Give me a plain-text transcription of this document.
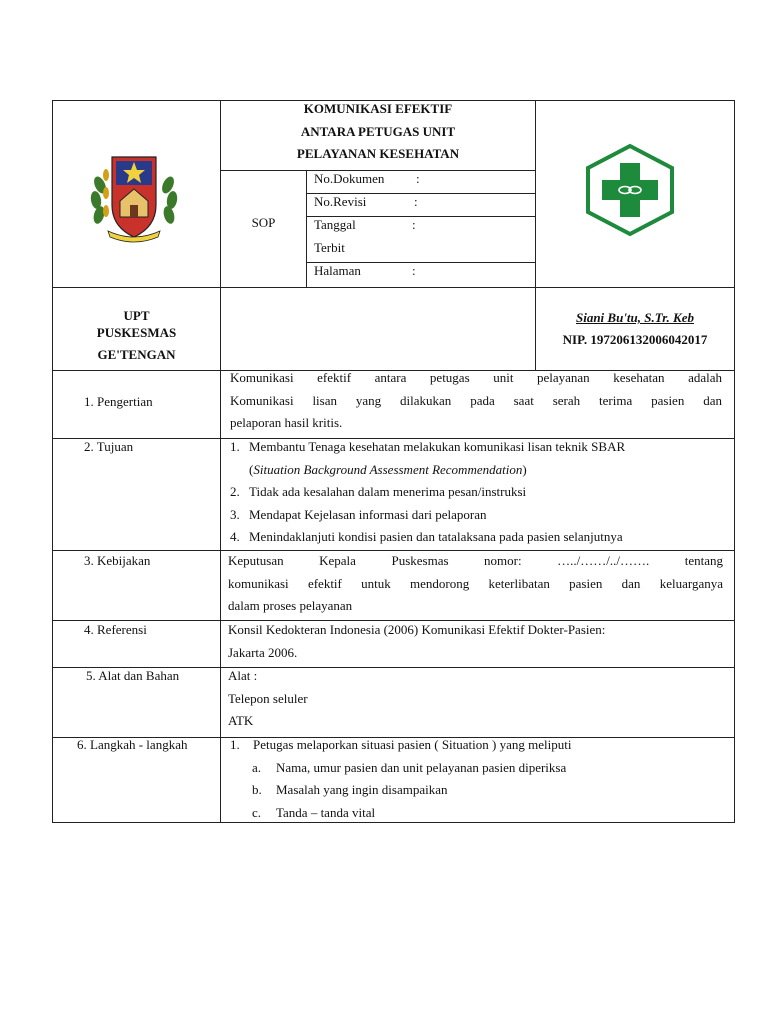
KOMUNIKASI EFEKTIF
ANTARA PETUGAS UNIT
PELAYANAN KESEHATAN
SOP
No.Dokumen :
No.Revisi	:
Tanggal	:
Terbit
Halaman	:
UPT
PUSKESMAS
GE'TENGAN
Siani Bu'tu, S.Tr. Keb
NIP. 197206132006042017
1. Pengertian
Komunikasi efektif antara petugas unit pelayanan kesehatan adalah
Komunikasi lisan yang dilakukan pada saat serah terima pasien dan
pelaporan hasil kritis.
2. Tujuan	1. Membantu Tenaga kesehatan melakukan komunikasi lisan teknik SBAR
(Situation Background Assessment Recommendation)
2. Tidak ada kesalahan dalam menerima pesan/instruksi
3. Mendapat Kejelasan informasi dari pelaporan
4. Menindaklanjuti kondisi pasien dan tatalaksana pada pasien selanjutnya
3. Kebijakan	Keputusan Kepala Puskesmas nomor: …../……/../……. tentang
komunikasi efektif untuk mendorong keterlibatan pasien dan keluarganya
dalam proses pelayanan
4. Referensi	Konsil Kedokteran Indonesia (2006) Komunikasi Efektif Dokter-Pasien:
Jakarta 2006.
5. Alat dan Bahan	Alat :
Telepon seluler
ATK
6. Langkah - langkah	1. Petugas melaporkan situasi pasien ( Situation ) yang meliputi
a. Nama, umur pasien dan unit pelayanan pasien diperiksa
b. Masalah yang ingin disampaikan
c. Tanda – tanda vital
